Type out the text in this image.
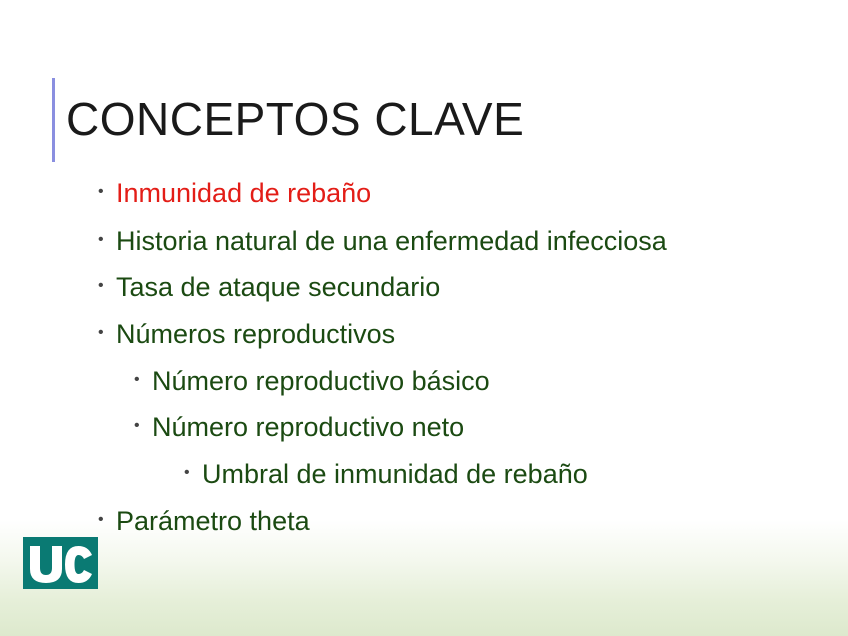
CONCEPTOS CLAVE
• Inmunidad de rebaño
• Historia natural de una enfermedad infecciosa
• Tasa de ataque secundario
• Números reproductivos
• Número reproductivo básico
• Número reproductivo neto
• Umbral de inmunidad de rebaño
• Parámetro theta
